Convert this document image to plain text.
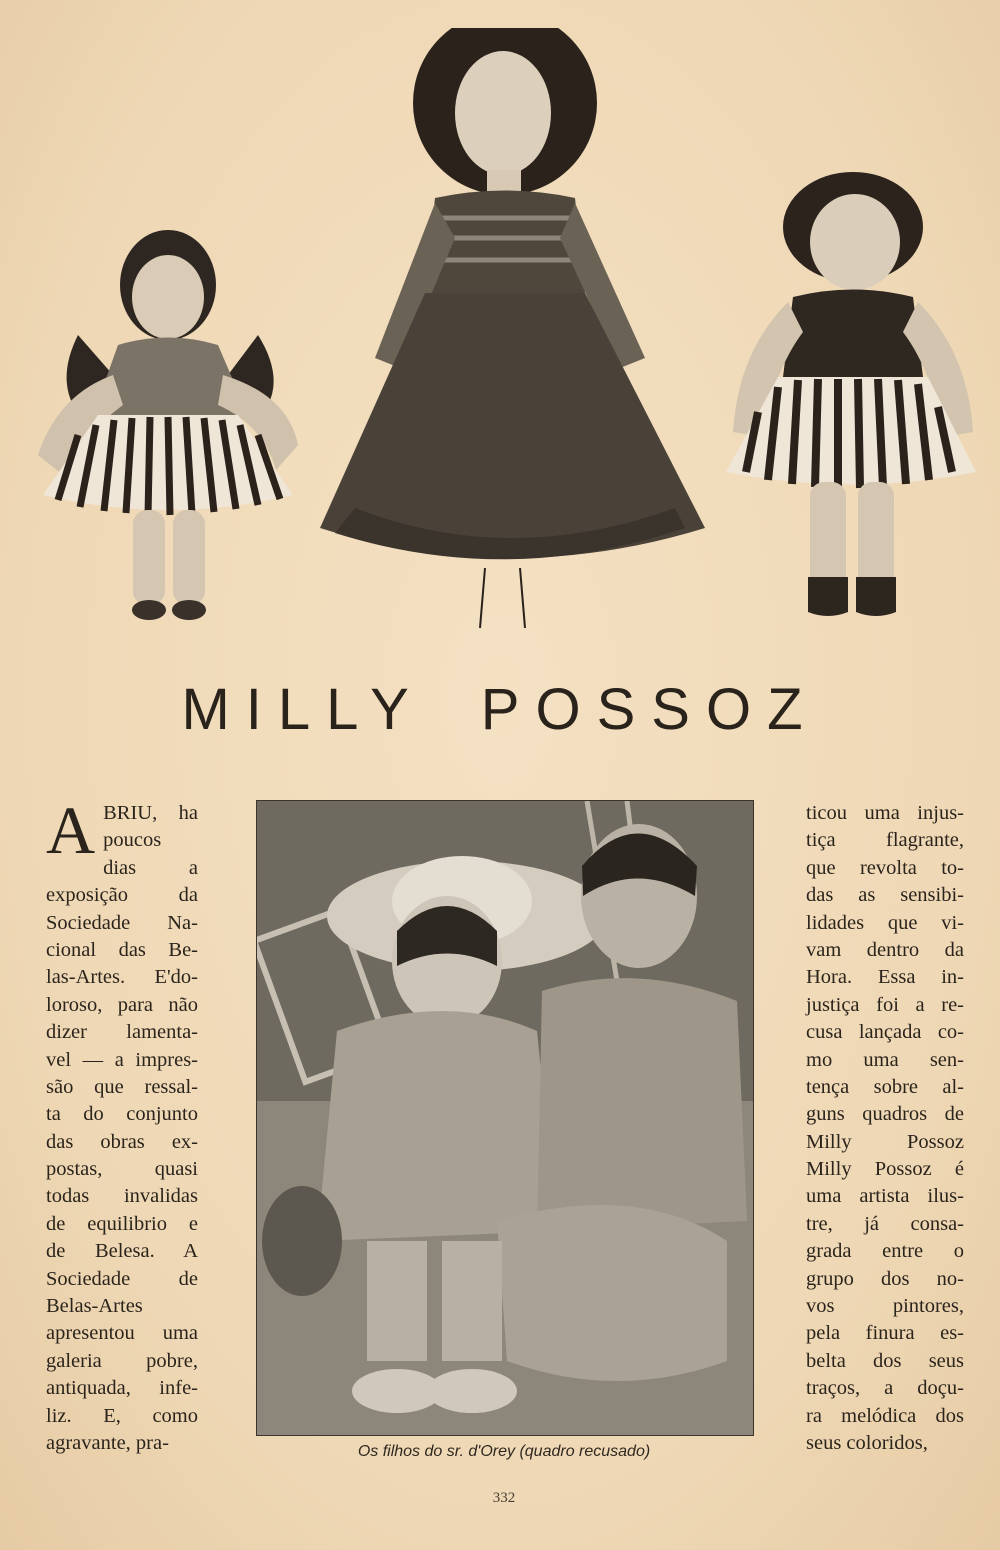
MILLY POSSOZ
A BRIU, ha
poucos
dias a
exposição da
Sociedade Na-
cional das Be-
las-Artes. E'do-
loroso, para não
dizer lamenta-
vel — a impres-
são que ressal-
ta do conjunto
das obras ex-
postas, quasi
todas invalidas
de equilibrio e
de Belesa. A
Sociedade de
Belas-Artes
apresentou uma
galeria pobre,
antiquada, infe-
liz. E, como
agravante, pra-	Os filhos do sr. d'Orey (quadro recusado)
ticou uma injus-
tiça flagrante,
que revolta to-
das as sensibi-
lidades que vi-
vam dentro da
Hora. Essa in-
justiça foi a re-
cusa lançada co-
mo uma sen-
tença sobre al-
guns quadros de
Milly Possoz
Milly Possoz é
uma artista ilus-
tre, já consa-
grada entre o
grupo dos no-
vos pintores,
pela finura es-
belta dos seus
traços, a doçu-
ra melódica dos
seus coloridos,
332
